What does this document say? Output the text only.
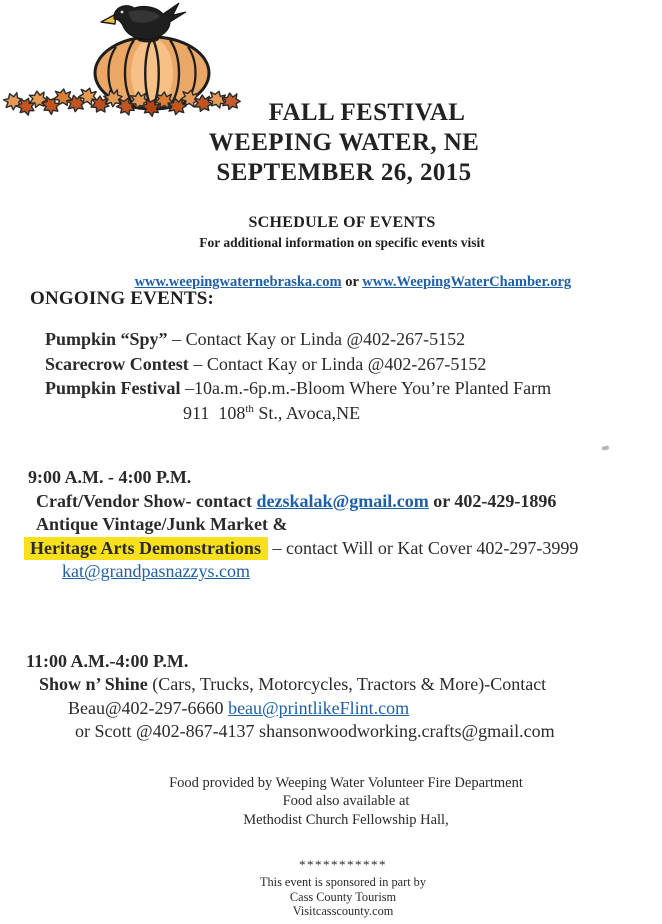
FALL FESTIVAL
WEEPING WATER, NE
SEPTEMBER 26, 2015
SCHEDULE OF EVENTS
For additional information on specific events visit

www.weepingwaternebraska.com or www.WeepingWaterChamber.org

ONGOING EVENTS:
Pumpkin “Spy” – Contact Kay or Linda @402-267-5152
Scarecrow Contest – Contact Kay or Linda @402-267-5152
Pumpkin Festival –10a.m.-6p.m.-Bloom Where You’re Planted Farm
911  108th St., Avoca,NE
9:00 A.M. - 4:00 P.M.
Craft/Vendor Show- contact dezskalak@gmail.com or 402-429-1896
Antique Vintage/Junk Market &
Heritage Arts Demonstrations – contact Will or Kat Cover 402-297-3999
kat@grandpasnazzys.com
11:00 A.M.-4:00 P.M.
Show n’ Shine (Cars, Trucks, Motorcycles, Tractors & More)-Contact
Beau@402-297-6660 beau@printlikeFlint.com
or Scott @402-867-4137 shansonwoodworking.crafts@gmail.com
Food provided by Weeping Water Volunteer Fire Department
Food also available at
Methodist Church Fellowship Hall,
***********
This event is sponsored in part by
Cass County Tourism
Visitcasscounty.com
